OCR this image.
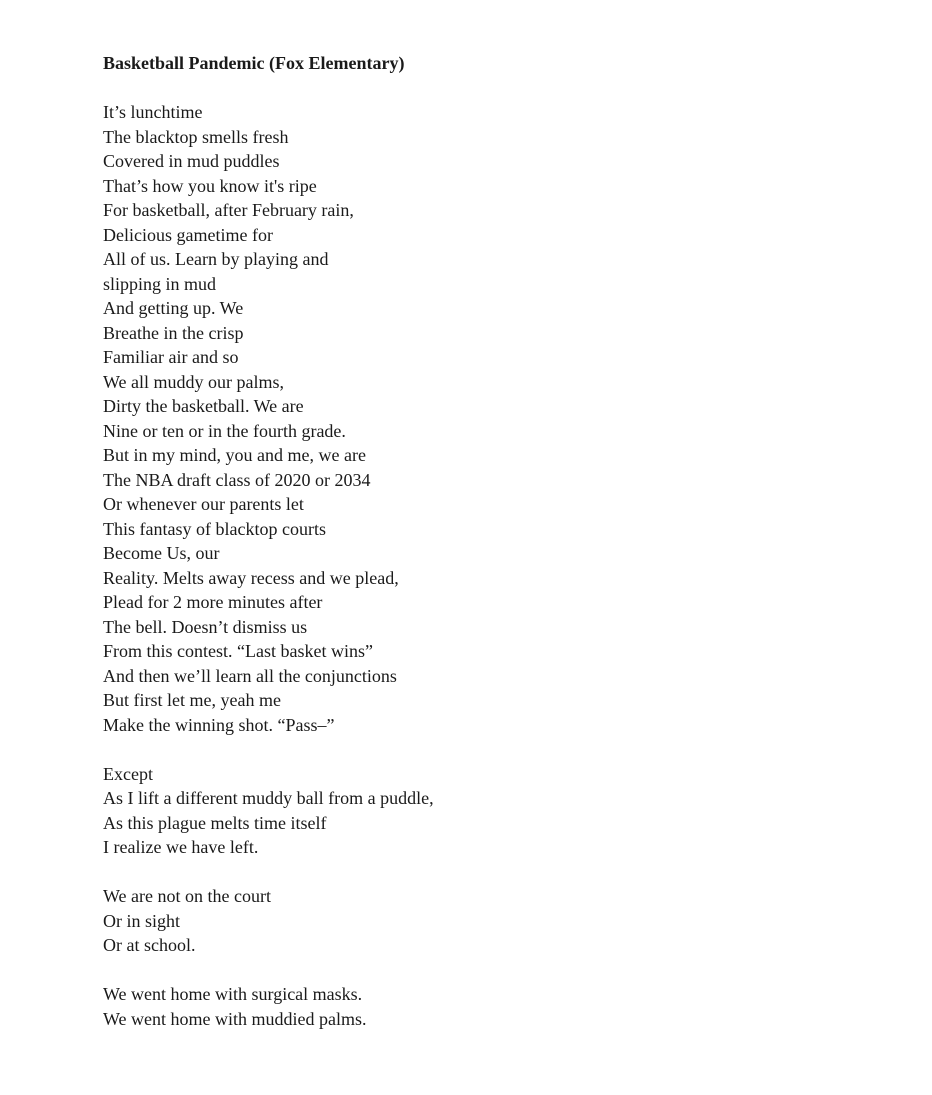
Basketball Pandemic (Fox Elementary)

It’s lunchtime

The blacktop smells fresh

Covered in mud puddles

That’s how you know it's ripe

For basketball, after February rain,

Delicious gametime for

All of us. Learn by playing and

slipping in mud

And getting up. We

Breathe in the crisp

Familiar air and so

We all muddy our palms,

Dirty the basketball. We are

Nine or ten or in the fourth grade.

But in my mind, you and me, we are

The NBA draft class of 2020 or 2034

Or whenever our parents let

This fantasy of blacktop courts

Become Us, our

Reality. Melts away recess and we plead,

Plead for 2 more minutes after

The bell. Doesn’t dismiss us

From this contest. “Last basket wins”

And then we’ll learn all the conjunctions

But first let me, yeah me

Make the winning shot. “Pass–”

Except

As I lift a different muddy ball from a puddle,

As this plague melts time itself

I realize we have left.

We are not on the court

Or in sight

Or at school.

We went home with surgical masks.

We went home with muddied palms.
